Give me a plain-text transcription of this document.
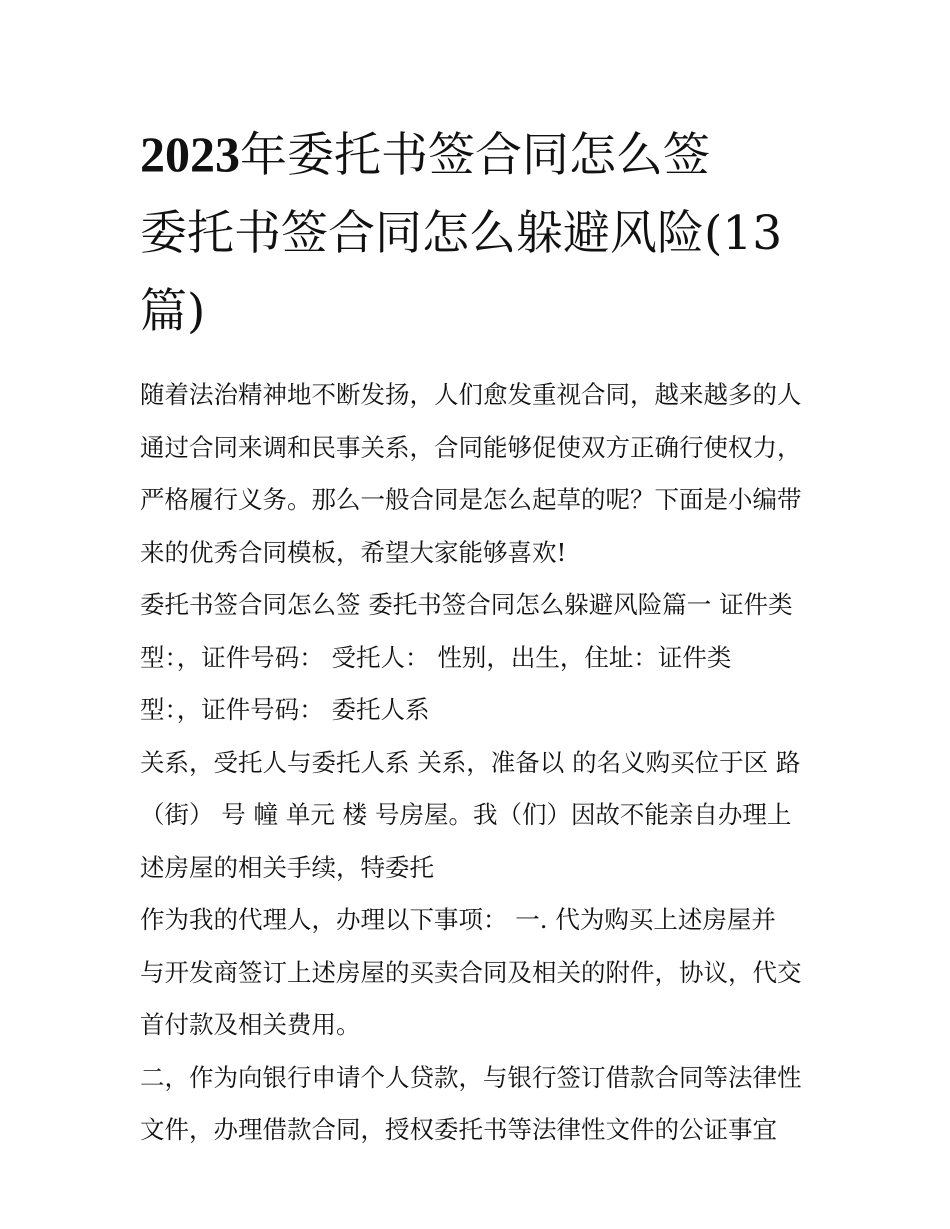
2023年委托书签合同怎么签
委托书签合同怎么躲避风险(13
篇)
随着法治精神地不断发扬，人们愈发重视合同，越来越多的人
通过合同来调和民事关系，合同能够促使双方正确行使权力，
严格履行义务。那么一般合同是怎么起草的呢？下面是小编带
来的优秀合同模板，希望大家能够喜欢!
委托书签合同怎么签 委托书签合同怎么躲避风险篇一 证件类
型：，证件号码： 受托人： 性别，出生，住址：证件类
型：，证件号码： 委托人系
关系，受托人与委托人系 关系，准备以 的名义购买位于区 路
（街） 号 幢 单元 楼 号房屋。我（们）因故不能亲自办理上
述房屋的相关手续，特委托
作为我的代理人，办理以下事项： 一. 代为购买上述房屋并
与开发商签订上述房屋的买卖合同及相关的附件，协议，代交
首付款及相关费用。
二，作为向银行申请个人贷款，与银行签订借款合同等法律性
文件，办理借款合同，授权委托书等法律性文件的公证事宜
